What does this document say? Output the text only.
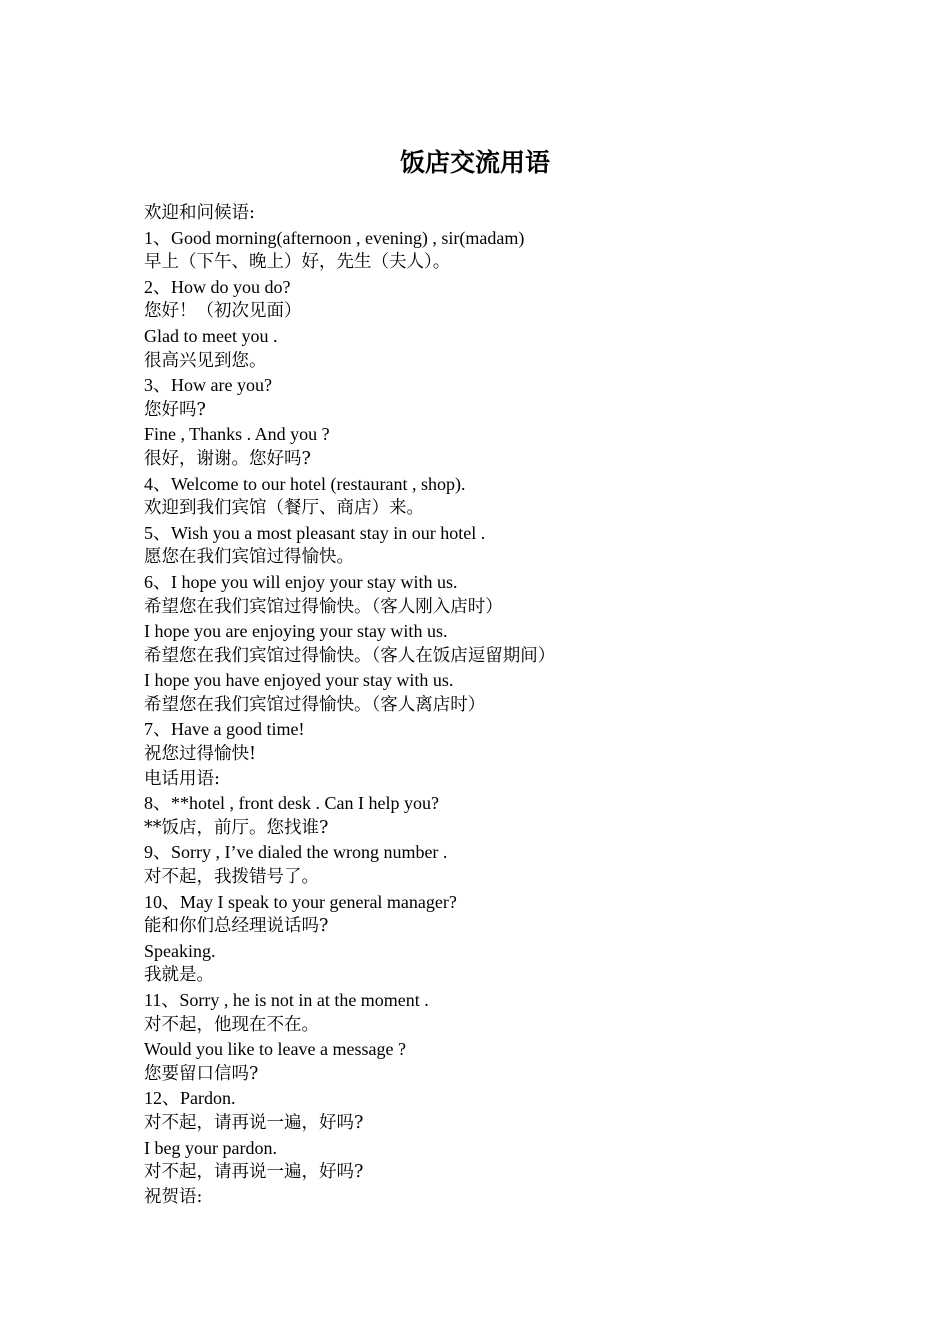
饭店交流用语
欢迎和问候语:
1、Good morning(afternoon , evening) , sir(madam)
早上（下午、晚上）好，先生（夫人）。
2、How do you do?
您好！（初次见面）
Glad to meet you .
很高兴见到您。
3、How are you?
您好吗?
Fine , Thanks . And you ?
很好，谢谢。您好吗?
4、Welcome to our hotel (restaurant , shop).
欢迎到我们宾馆（餐厅、商店）来。
5、Wish you a most pleasant stay in our hotel .
愿您在我们宾馆过得愉快。
6、I hope you will enjoy your stay with us.
希望您在我们宾馆过得愉快。（客人刚入店时）
I hope you are enjoying your stay with us.
希望您在我们宾馆过得愉快。（客人在饭店逗留期间）
I hope you have enjoyed your stay with us.
希望您在我们宾馆过得愉快。（客人离店时）
7、Have a good time!
祝您过得愉快!
电话用语:
8、**hotel , front desk . Can I help you?
**饭店，前厅。您找谁?
9、Sorry , I’ve dialed the wrong number .
对不起，我拨错号了。
10、May I speak to your general manager?
能和你们总经理说话吗?
Speaking.
我就是。
11、Sorry , he is not in at the moment .
对不起，他现在不在。
Would you like to leave a message ?
您要留口信吗?
12、Pardon.
对不起，请再说一遍，好吗?
I beg your pardon.
对不起，请再说一遍，好吗?
祝贺语:
